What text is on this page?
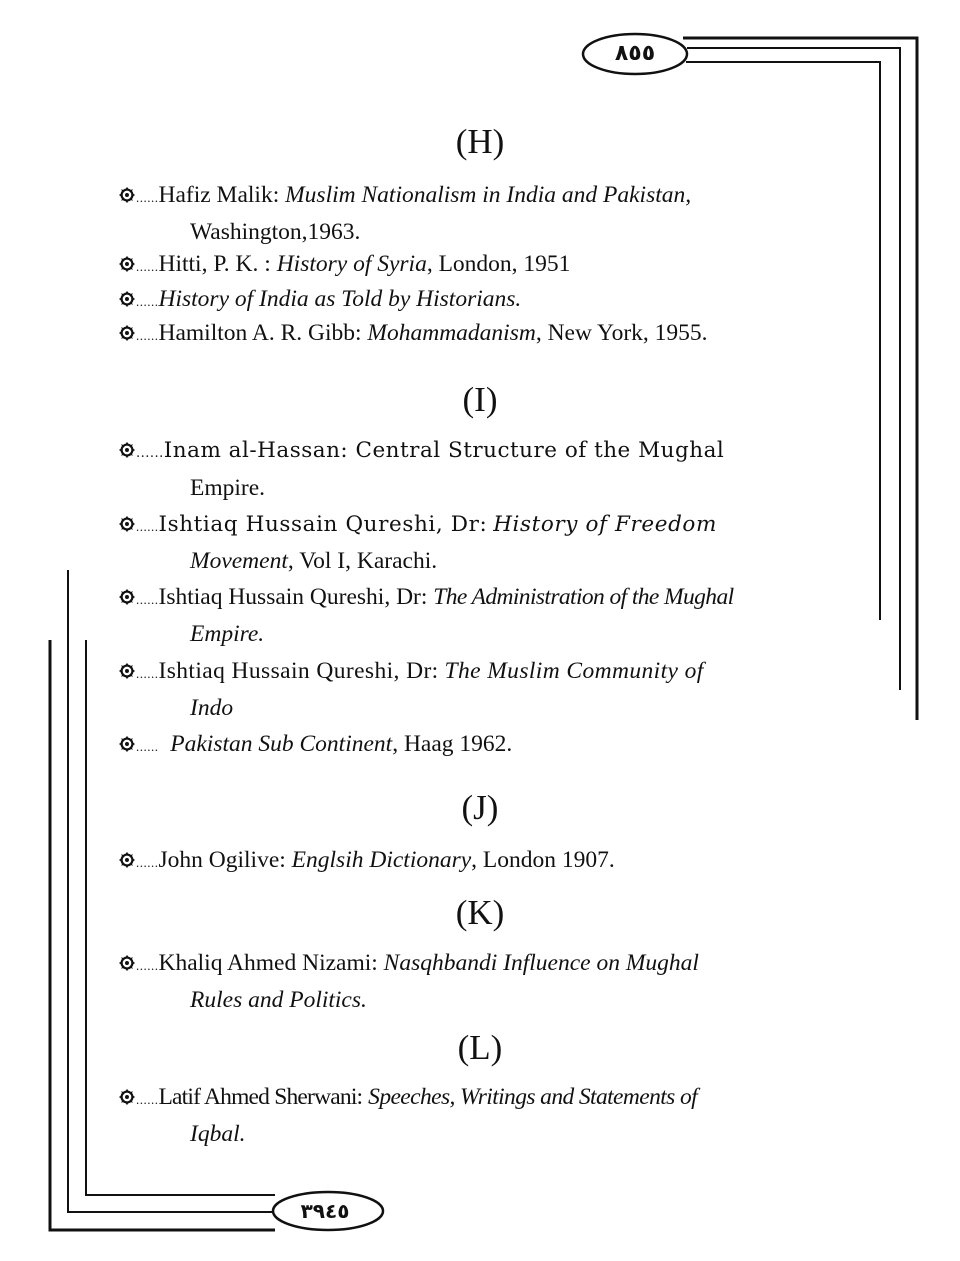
٨٥٥
٣٩٤٥
(H)
......Hafiz Malik: Muslim Nationalism in India and Pakistan,
Washington,1963.
......Hitti, P. K. : History of Syria, London, 1951
......History of India as Told by Historians.
......Hamilton A. R. Gibb: Mohammadanism, New York, 1955.
(I)
......Inam al-Hassan: Central Structure of the Mughal
Empire.
......Ishtiaq Hussain Qureshi, Dr: History of Freedom
Movement, Vol I, Karachi.
......Ishtiaq Hussain Qureshi, Dr: The Administration of the Mughal
Empire.
......Ishtiaq Hussain Qureshi, Dr: The Muslim Community of
Indo
...... Pakistan Sub Continent, Haag 1962.
(J)
......John Ogilive: Englsih Dictionary, London 1907.
(K)
......Khaliq Ahmed Nizami: Nasqhbandi Influence on Mughal
Rules and Politics.
(L)
......Latif Ahmed Sherwani: Speeches, Writings and Statements of
Iqbal.
